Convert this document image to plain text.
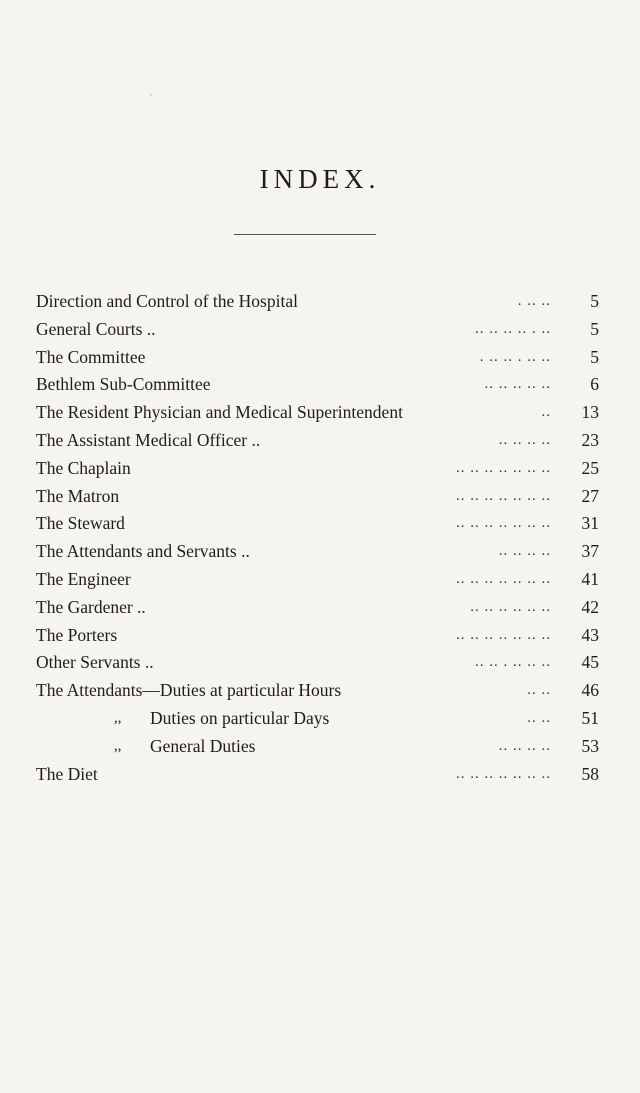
INDEX.
Direction and Control of the Hospital	. .. ..	5
General Courts ..	.. .. .. .. . ..	5
The Committee	. .. .. . .. ..	5
Bethlem Sub-Committee	.. .. .. .. ..	6
The Resident Physician and Medical Superintendent	..	13
The Assistant Medical Officer ..	.. .. .. ..	23
The Chaplain	.. .. .. .. .. .. ..	25
The Matron	.. .. .. .. .. .. ..	27
The Steward	.. .. .. .. .. .. ..	31
The Attendants and Servants ..	.. .. .. ..	37
The Engineer	.. .. .. .. .. .. ..	41
The Gardener ..	.. .. .. .. .. ..	42
The Porters	.. .. .. .. .. .. ..	43
Other Servants ..	.. .. . .. .. ..	45
The Attendants—Duties at particular Hours	.. ..	46
,, Duties on particular Days	.. ..	51
,, General Duties	.. .. .. ..	53
The Diet	.. .. .. .. .. .. ..	58
